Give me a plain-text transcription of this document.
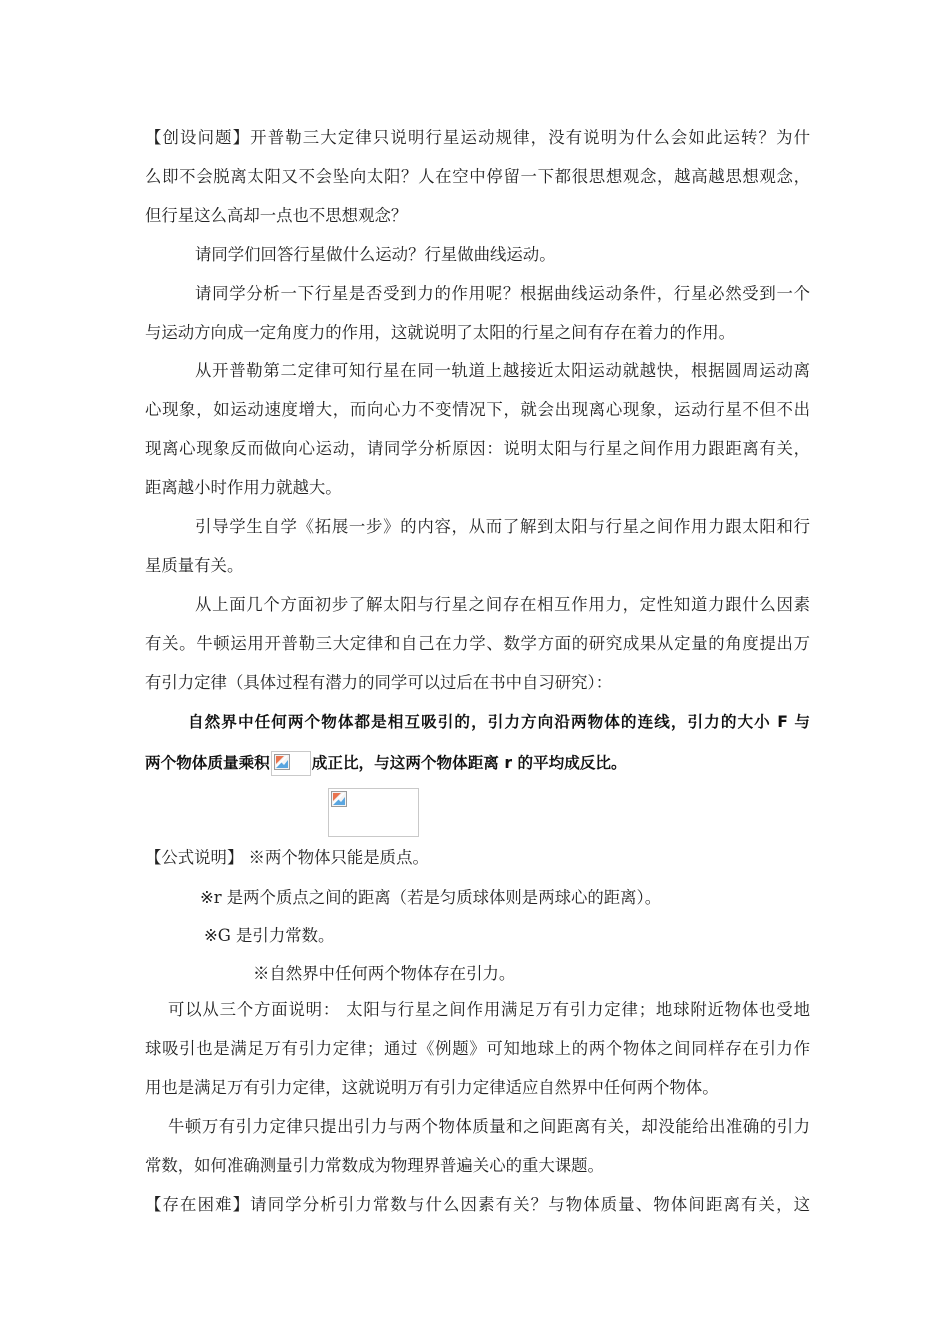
【创设问题】开普勒三大定律只说明行星运动规律，没有说明为什么会如此运转？为什
么即不会脱离太阳又不会坠向太阳？人在空中停留一下都很思想观念，越高越思想观念，
但行星这么高却一点也不思想观念？
请同学们回答行星做什么运动？行星做曲线运动。
请同学分析一下行星是否受到力的作用呢？根据曲线运动条件，行星必然受到一个
与运动方向成一定角度力的作用，这就说明了太阳的行星之间有存在着力的作用。
从开普勒第二定律可知行星在同一轨道上越接近太阳运动就越快，根据圆周运动离
心现象，如运动速度增大，而向心力不变情况下，就会出现离心现象，运动行星不但不出
现离心现象反而做向心运动，请同学分析原因：说明太阳与行星之间作用力跟距离有关，
距离越小时作用力就越大。
引导学生自学《拓展一步》的内容，从而了解到太阳与行星之间作用力跟太阳和行
星质量有关。
从上面几个方面初步了解太阳与行星之间存在相互作用力，定性知道力跟什么因素
有关。牛顿运用开普勒三大定律和自己在力学、数学方面的研究成果从定量的角度提出万
有引力定律（具体过程有潜力的同学可以过后在书中自习研究）：
自然界中任何两个物体都是相互吸引的，引力方向沿两物体的连线，引力的大小 F 与
两个物体质量乘积	成正比，与这两个物体距离 r 的平均成反比。
【公式说明】 ※两个物体只能是质点。
※r 是两个质点之间的距离（若是匀质球体则是两球心的距离）。
※G 是引力常数。
※自然界中任何两个物体存在引力。
可以从三个方面说明： 太阳与行星之间作用满足万有引力定律；地球附近物体也受地
球吸引也是满足万有引力定律；通过《例题》可知地球上的两个物体之间同样存在引力作
用也是满足万有引力定律，这就说明万有引力定律适应自然界中任何两个物体。
牛顿万有引力定律只提出引力与两个物体质量和之间距离有关，却没能给出准确的引力
常数，如何准确测量引力常数成为物理界普遍关心的重大课题。
【存在困难】请同学分析引力常数与什么因素有关？与物体质量、物体间距离有关，这
